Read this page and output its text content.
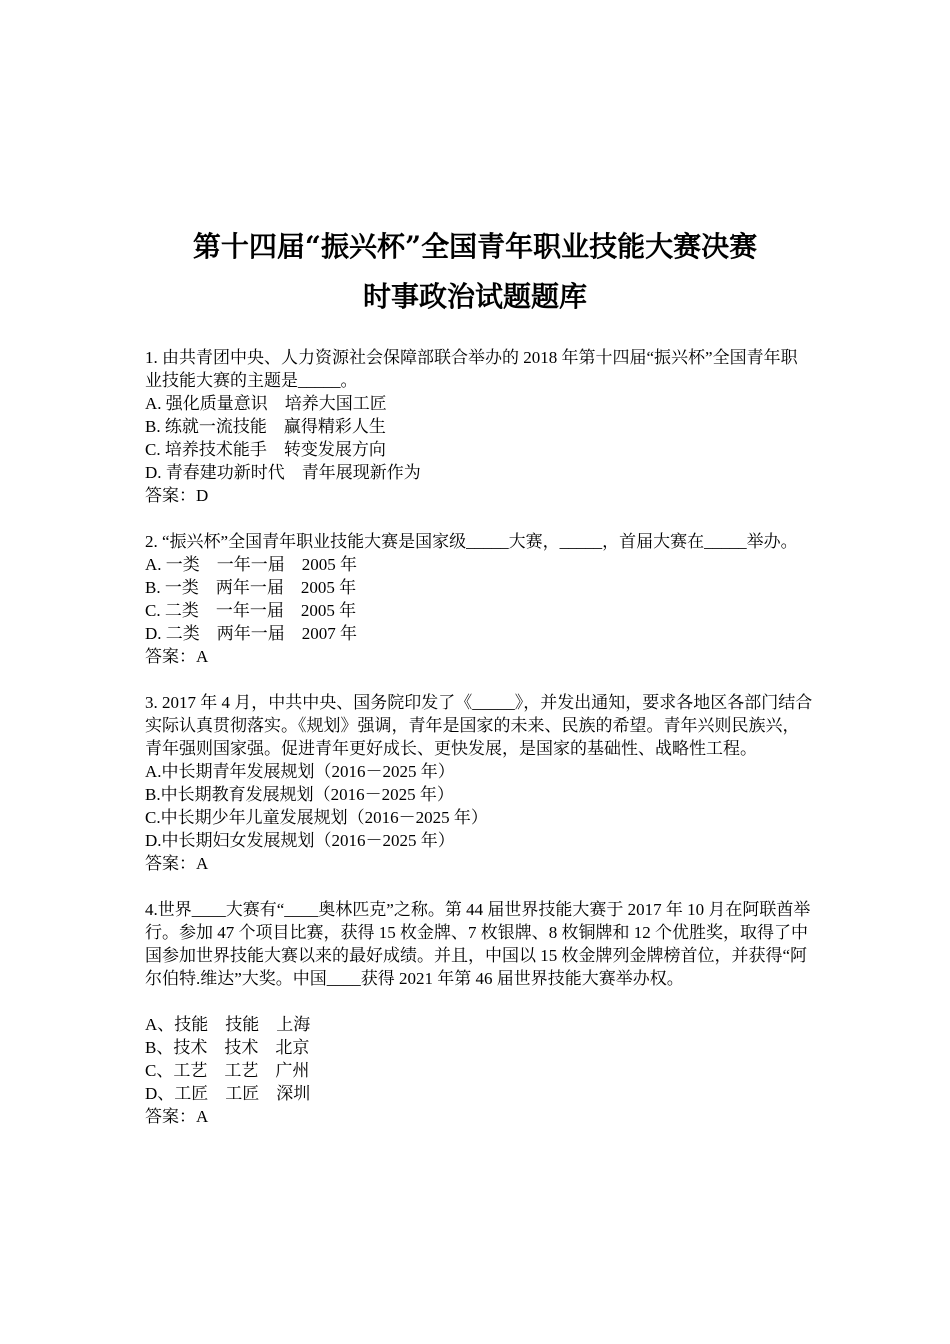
第十四届“振兴杯”全国青年职业技能大赛决赛
时事政治试题题库
1. 由共青团中央、人力资源社会保障部联合举办的 2018 年第十四届“振兴杯”全国青年职业技能大赛的主题是_____。
A. 强化质量意识　培养大国工匠
B. 练就一流技能　赢得精彩人生
C. 培养技术能手　转变发展方向
D. 青春建功新时代　青年展现新作为
答案：D
2. “振兴杯”全国青年职业技能大赛是国家级_____大赛，_____，首届大赛在_____举办。
A. 一类　一年一届　2005 年
B. 一类　两年一届　2005 年
C. 二类　一年一届　2005 年
D. 二类　两年一届　2007 年
答案：A
3. 2017 年 4 月，中共中央、国务院印发了《_____》，并发出通知，要求各地区各部门结合实际认真贯彻落实。《规划》强调，青年是国家的未来、民族的希望。青年兴则民族兴，青年强则国家强。促进青年更好成长、更快发展，是国家的基础性、战略性工程。
A.中长期青年发展规划（2016－2025 年）
B.中长期教育发展规划（2016－2025 年）
C.中长期少年儿童发展规划（2016－2025 年）
D.中长期妇女发展规划（2016－2025 年）
答案：A
4.世界____大赛有“____奥林匹克”之称。第 44 届世界技能大赛于 2017 年 10 月在阿联酋举行。参加 47 个项目比赛，获得 15 枚金牌、7 枚银牌、8 枚铜牌和 12 个优胜奖，取得了中国参加世界技能大赛以来的最好成绩。并且，中国以 15 枚金牌列金牌榜首位，并获得“阿尔伯特.维达”大奖。中国____获得 2021 年第 46 届世界技能大赛举办权。
A、技能　技能　上海
B、技术　技术　北京
C、工艺　工艺　广州
D、工匠　工匠　深圳
答案：A
